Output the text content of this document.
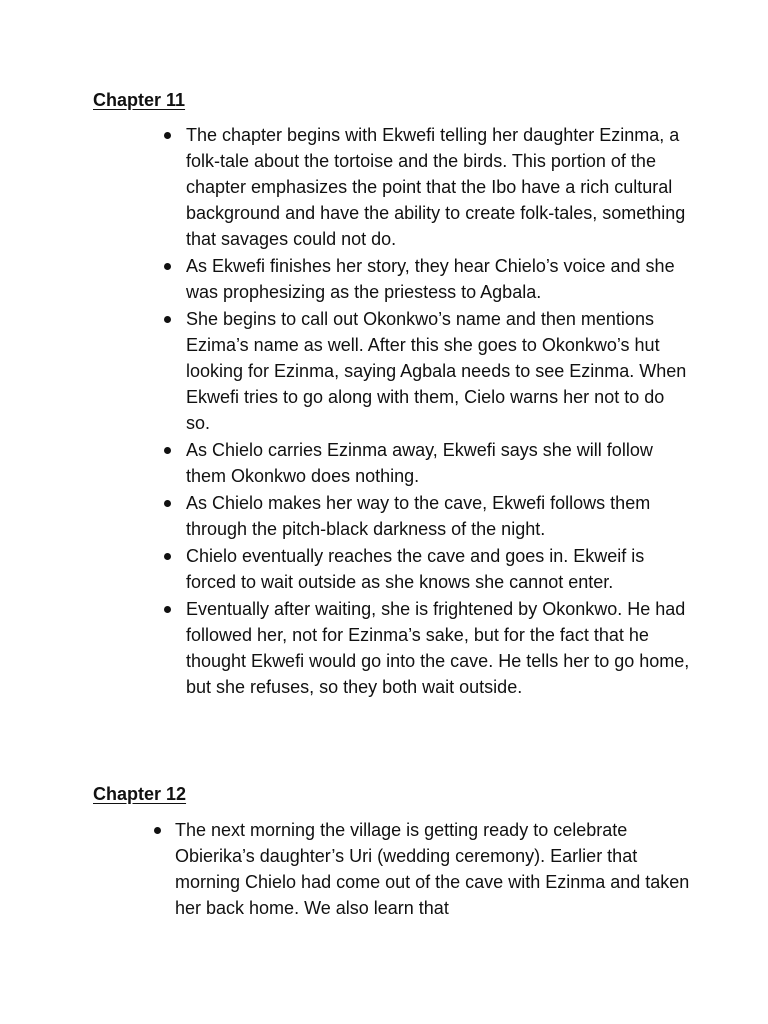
Chapter 11
The chapter begins with Ekwefi telling her daughter Ezinma, a folk-tale about the tortoise and the birds. This portion of the chapter emphasizes the point that the Ibo have a rich cultural background and have the ability to create folk-tales, something that savages could not do.
As Ekwefi finishes her story, they hear Chielo’s voice and she was prophesizing as the priestess to Agbala.
She begins to call out Okonkwo’s name and then mentions Ezima’s name as well. After this she goes to Okonkwo’s hut looking for Ezinma, saying Agbala needs to see Ezinma. When Ekwefi tries to go along with them, Cielo warns her not to do so.
As Chielo carries Ezinma away, Ekwefi says she will follow them Okonkwo does nothing.
As Chielo makes her way to the cave, Ekwefi follows them through the pitch-black darkness of the night.
Chielo eventually reaches the cave and goes in. Ekweif is forced to wait outside as she knows she cannot enter.
Eventually after waiting, she is frightened by Okonkwo. He had followed her, not for Ezinma’s sake, but for the fact that he thought Ekwefi would go into the cave. He tells her to go home, but she refuses, so they both wait outside.
Chapter 12
The next morning the village is getting ready to celebrate Obierika’s daughter’s Uri (wedding ceremony). Earlier that morning Chielo had come out of the cave with Ezinma and taken her back home. We also learn that
